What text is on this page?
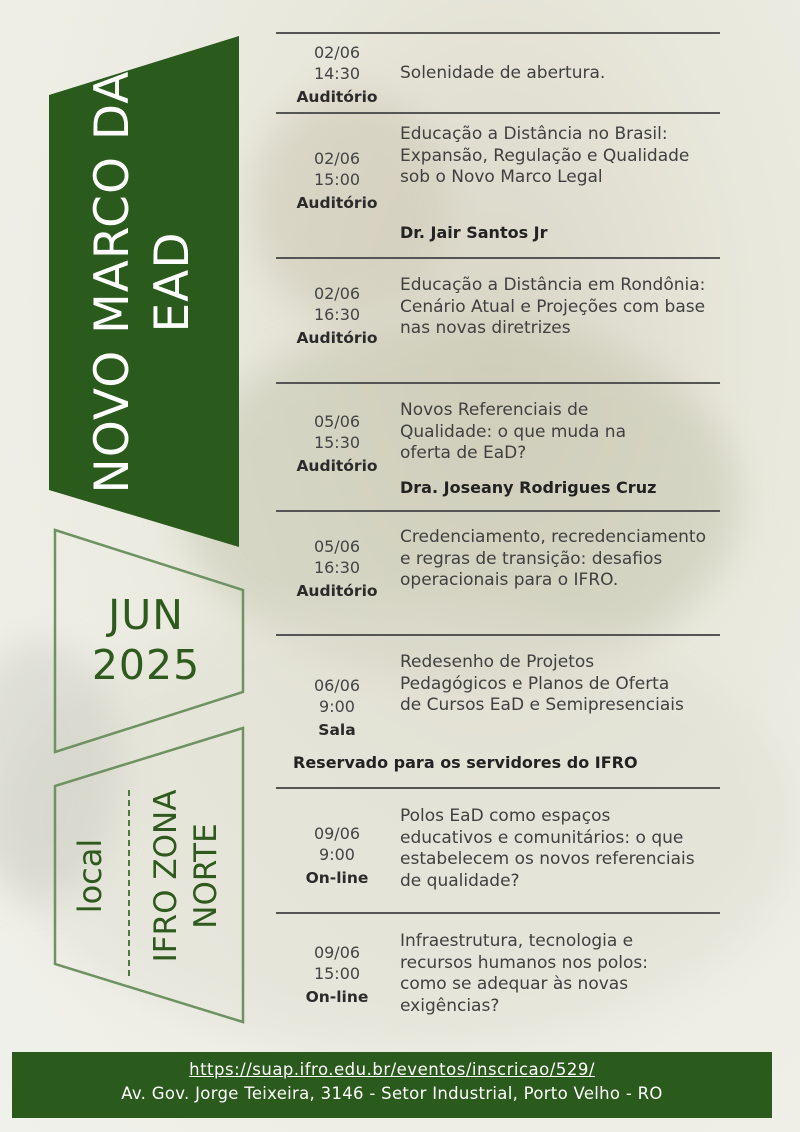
NOVO MARCO DA EAD
JUN
2025
local IFRO ZONA NORTE
02/06
14:30
Auditório
Solenidade de abertura.
02/06
15:00
Auditório
Educação a Distância no Brasil: Expansão, Regulação e Qualidade sob o Novo Marco Legal
Dr. Jair Santos Jr
02/06
16:30
Auditório
Educação a Distância em Rondônia: Cenário Atual e Projeções com base nas novas diretrizes
05/06
15:30
Auditório
Novos Referenciais de Qualidade: o que muda na oferta de EaD?
Dra. Joseany Rodrigues Cruz
05/06
16:30
Auditório
Credenciamento, recredenciamento e regras de transição: desafios operacionais para o IFRO.
06/06
9:00
Sala
Redesenho de Projetos Pedagógicos e Planos de Oferta de Cursos EaD e Semipresenciais
Reservado para os servidores do IFRO
09/06
9:00
On-line
Polos EaD como espaços educativos e comunitários: o que estabelecem os novos referenciais de qualidade?
09/06
15:00
On-line
Infraestrutura, tecnologia e recursos humanos nos polos: como se adequar às novas exigências?
https://suap.ifro.edu.br/eventos/inscricao/529/
Av. Gov. Jorge Teixeira, 3146 - Setor Industrial, Porto Velho - RO
